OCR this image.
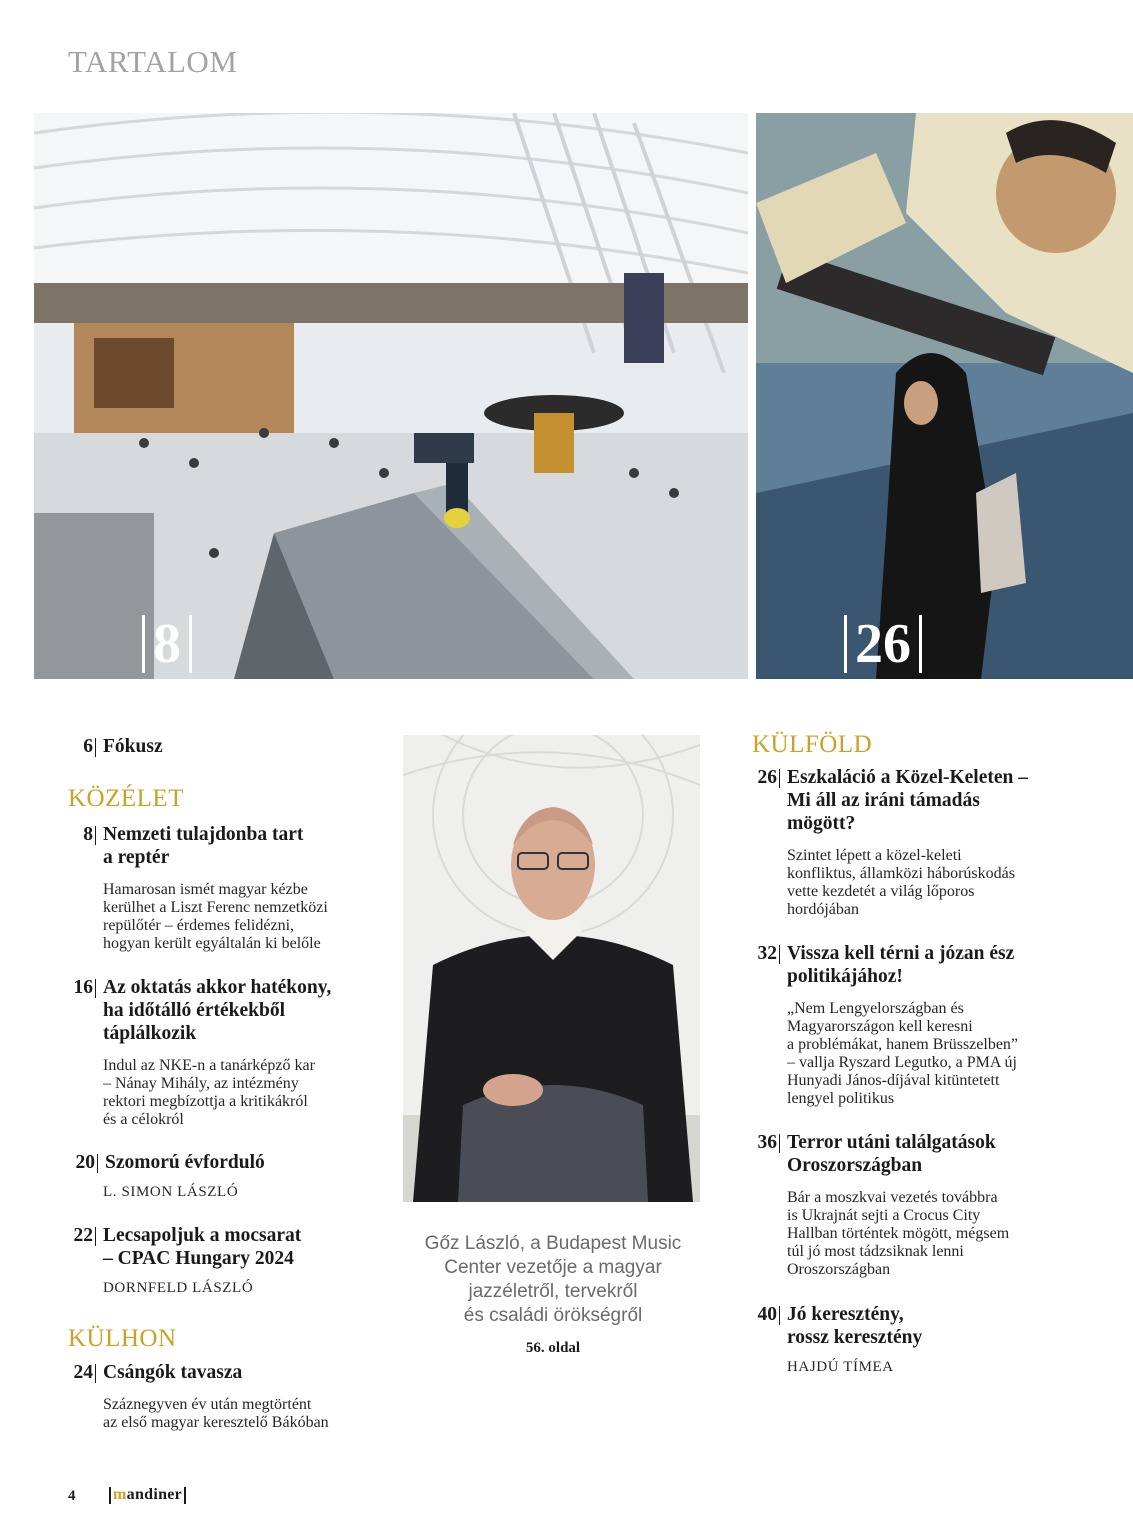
TARTALOM
8	26
6 Fókusz
KÖZÉLET
8 Nemzeti tulajdonba tart
a reptér
Hamarosan ismét magyar kézbe
kerülhet a Liszt Ferenc nemzetközi
repülőtér – érdemes felidézni,
hogyan került egyáltalán ki belőle
16 Az oktatás akkor hatékony,
ha időtálló értékekből
táplálkozik
Indul az NKE-n a tanárképző kar
– Nánay Mihály, az intézmény
rektori megbízottja a kritikákról
és a célokról
20 Szomorú évforduló
L. SIMON LÁSZLÓ
22 Lecsapoljuk a mocsarat
– CPAC Hungary 2024
DORNFELD LÁSZLÓ
KÜLHON
24 Csángók tavasza
Száznegyven év után megtörtént
az első magyar keresztelő Bákóban
Gőz László, a Budapest Music
Center vezetője a magyar
jazzéletről, tervekről
és családi örökségről
56. oldal
KÜLFÖLD
26 Eszkaláció a Közel-Keleten –
Mi áll az iráni támadás
mögött?
Szintet lépett a közel-keleti
konfliktus, államközi háborúskodás
vette kezdetét a világ lőporos
hordójában
32 Vissza kell térni a józan ész
politikájához!
„Nem Lengyelországban és
Magyarországon kell keresni
a problémákat, hanem Brüsszelben”
– vallja Ryszard Legutko, a PMA új
Hunyadi János-díjával kitüntetett
lengyel politikus
36 Terror utáni találgatások
Oroszországban
Bár a moszkvai vezetés továbbra
is Ukrajnát sejti a Crocus City
Hallban történtek mögött, mégsem
túl jó most tádzsiknak lenni
Oroszországban
40 Jó keresztény,
rossz keresztény
HAJDÚ TÍMEA
4 m andiner
